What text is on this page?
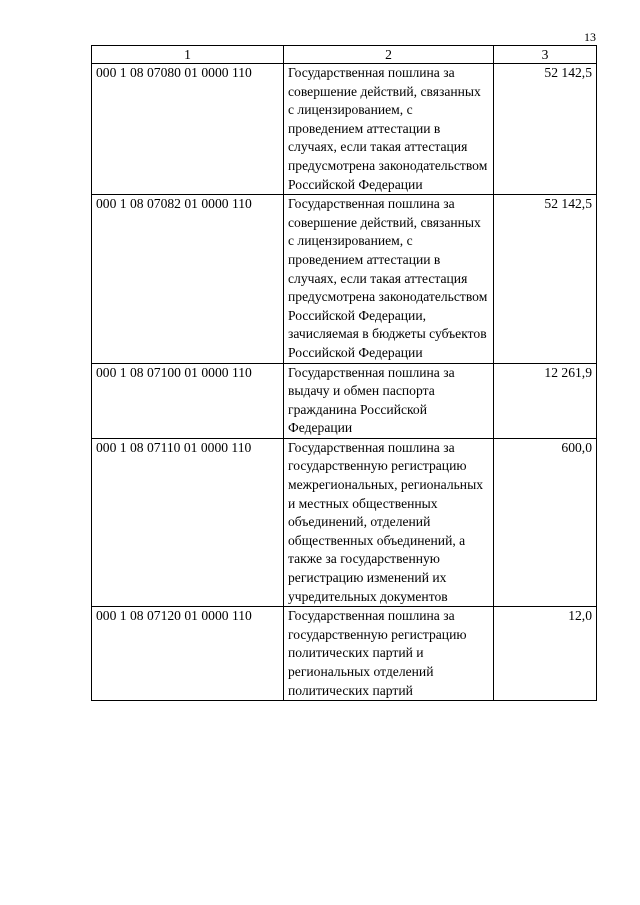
13
1	2	3
000 1 08 07080 01 0000 110	Государственная пошлина за совершение действий, связанных с лицензированием, с проведением аттестации в случаях, если такая аттестация предусмотрена законодательством Российской Федерации	52 142,5
000 1 08 07082 01 0000 110	Государственная пошлина за совершение действий, связанных с лицензированием, с проведением аттестации в случаях, если такая аттестация предусмотрена законодательством Российской Федерации, зачисляемая в бюджеты субъектов Российской Федерации	52 142,5
000 1 08 07100 01 0000 110	Государственная пошлина за выдачу и обмен паспорта гражданина Российской Федерации	12 261,9
000 1 08 07110 01 0000 110	Государственная пошлина за государственную регистрацию межрегиональных, региональных и местных общественных объединений, отделений общественных объединений, а также за государственную регистрацию изменений их учредительных документов	600,0
000 1 08 07120 01 0000 110	Государственная пошлина за государственную регистрацию политических партий и региональных отделений политических партий	12,0
